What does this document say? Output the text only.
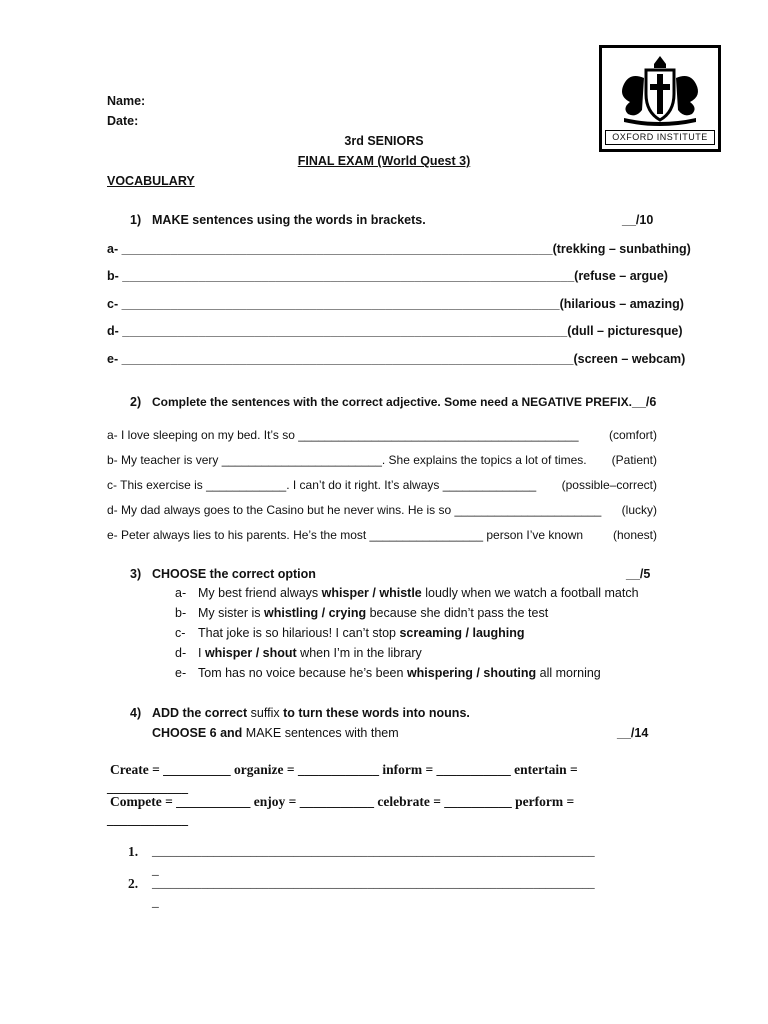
Name:
Date:
OXFORD INSTITUTE
3rd SENIORS
FINAL EXAM (World Quest 3)
VOCABULARY
1) MAKE sentences using the words in brackets.	__/10
a- ______________________________________________________________ (trekking – sunbathing)
b- _________________________________________________________________ (refuse – argue)
c- _______________________________________________________________ (hilarious – amazing)
d- ________________________________________________________________ (dull – picturesque)
e- _________________________________________________________________ (screen – webcam)
2) Complete the sentences with the correct adjective. Some need a NEGATIVE PREFIX. __/6
a- I love sleeping on my bed. It’s so __________________________________________	(comfort)
b- My teacher is very ________________________. She explains the topics a lot of times. (Patient)
c- This exercise is ____________. I can’t do it right. It’s always ______________ (possible–correct)
d- My dad always goes to the Casino but he never wins. He is so ______________________ (lucky)
e- Peter always lies to his parents. He’s the most _________________ person I’ve known (honest)
3) CHOOSE the correct option	__/5
a- My best friend always whisper / whistle loudly when we watch a football match
b- My sister is whistling / crying because she didn’t pass the test
c- That joke is so hilarious! I can’t stop screaming / laughing
d- I whisper / shout when I’m in the library
e- Tom has no voice because he’s been whispering / shouting all morning
4) ADD the correct suffix to turn these words into nouns.
CHOOSE 6 and MAKE sentences with them	__/14
Create = __________ organize = ____________ inform = ___________ entertain =
____________
Compete = ___________ enjoy = ___________ celebrate = __________ perform =
____________
1. ________________________________________________________________________
_
2. ________________________________________________________________________
_
